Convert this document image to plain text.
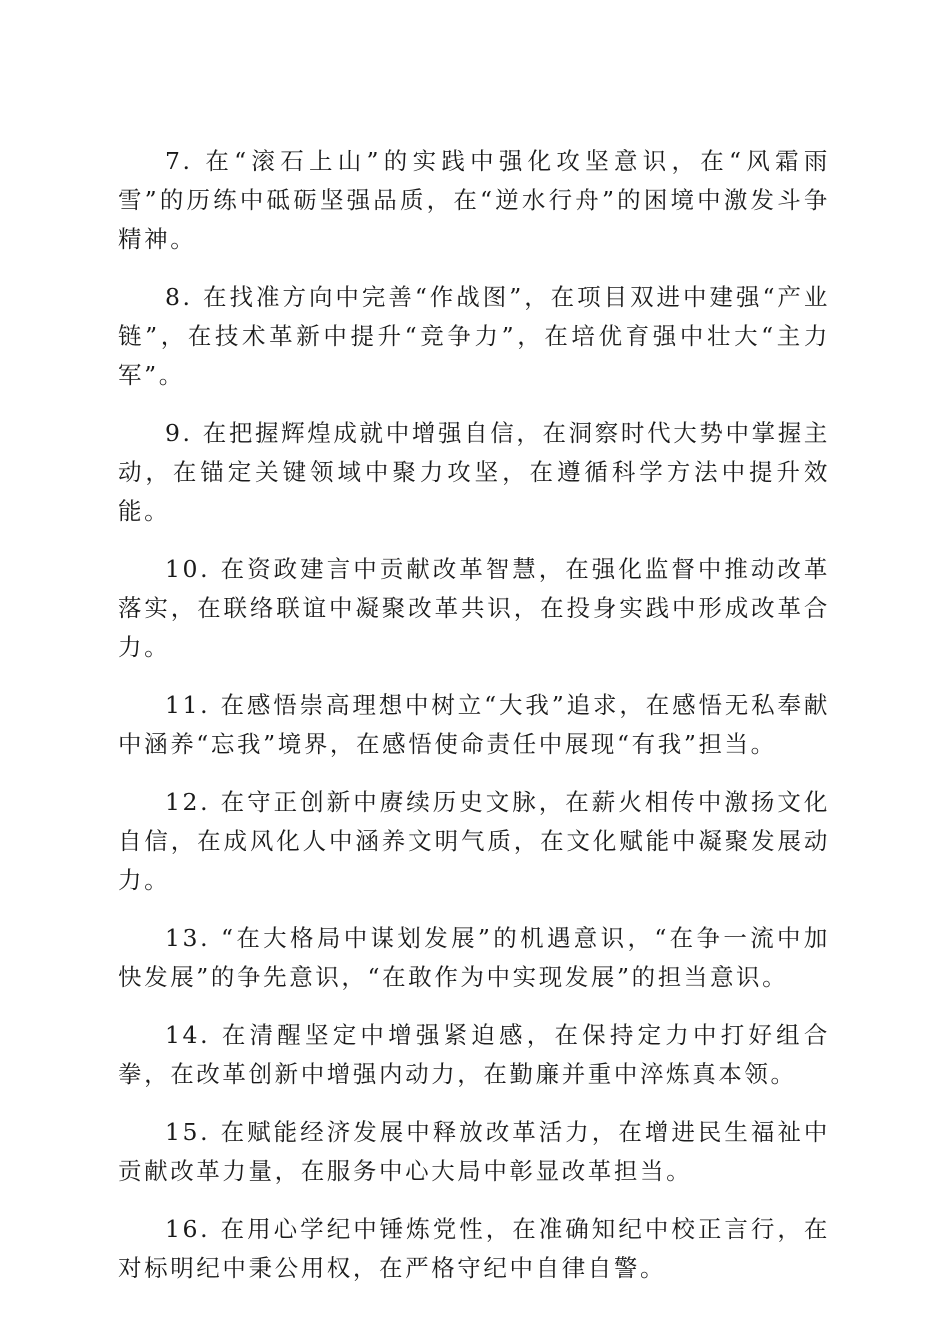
7. 在“滚石上山”的实践中强化攻坚意识，在“风霜雨雪”的历练中砥砺坚强品质，在“逆水行舟”的困境中激发斗争精神。

8. 在找准方向中完善“作战图”，在项目双进中建强“产业链”，在技术革新中提升“竞争力”，在培优育强中壮大“主力军”。

9. 在把握辉煌成就中增强自信，在洞察时代大势中掌握主动，在锚定关键领域中聚力攻坚，在遵循科学方法中提升效能。

10. 在资政建言中贡献改革智慧，在强化监督中推动改革落实，在联络联谊中凝聚改革共识，在投身实践中形成改革合力。

11. 在感悟崇高理想中树立“大我”追求，在感悟无私奉献中涵养“忘我”境界，在感悟使命责任中展现“有我”担当。

12. 在守正创新中赓续历史文脉，在薪火相传中激扬文化自信，在成风化人中涵养文明气质，在文化赋能中凝聚发展动力。

13. “在大格局中谋划发展”的机遇意识，“在争一流中加快发展”的争先意识，“在敢作为中实现发展”的担当意识。

14. 在清醒坚定中增强紧迫感，在保持定力中打好组合拳，在改革创新中增强内动力，在勤廉并重中淬炼真本领。

15. 在赋能经济发展中释放改革活力，在增进民生福祉中贡献改革力量，在服务中心大局中彰显改革担当。

16. 在用心学纪中锤炼党性，在准确知纪中校正言行，在对标明纪中秉公用权，在严格守纪中自律自警。
